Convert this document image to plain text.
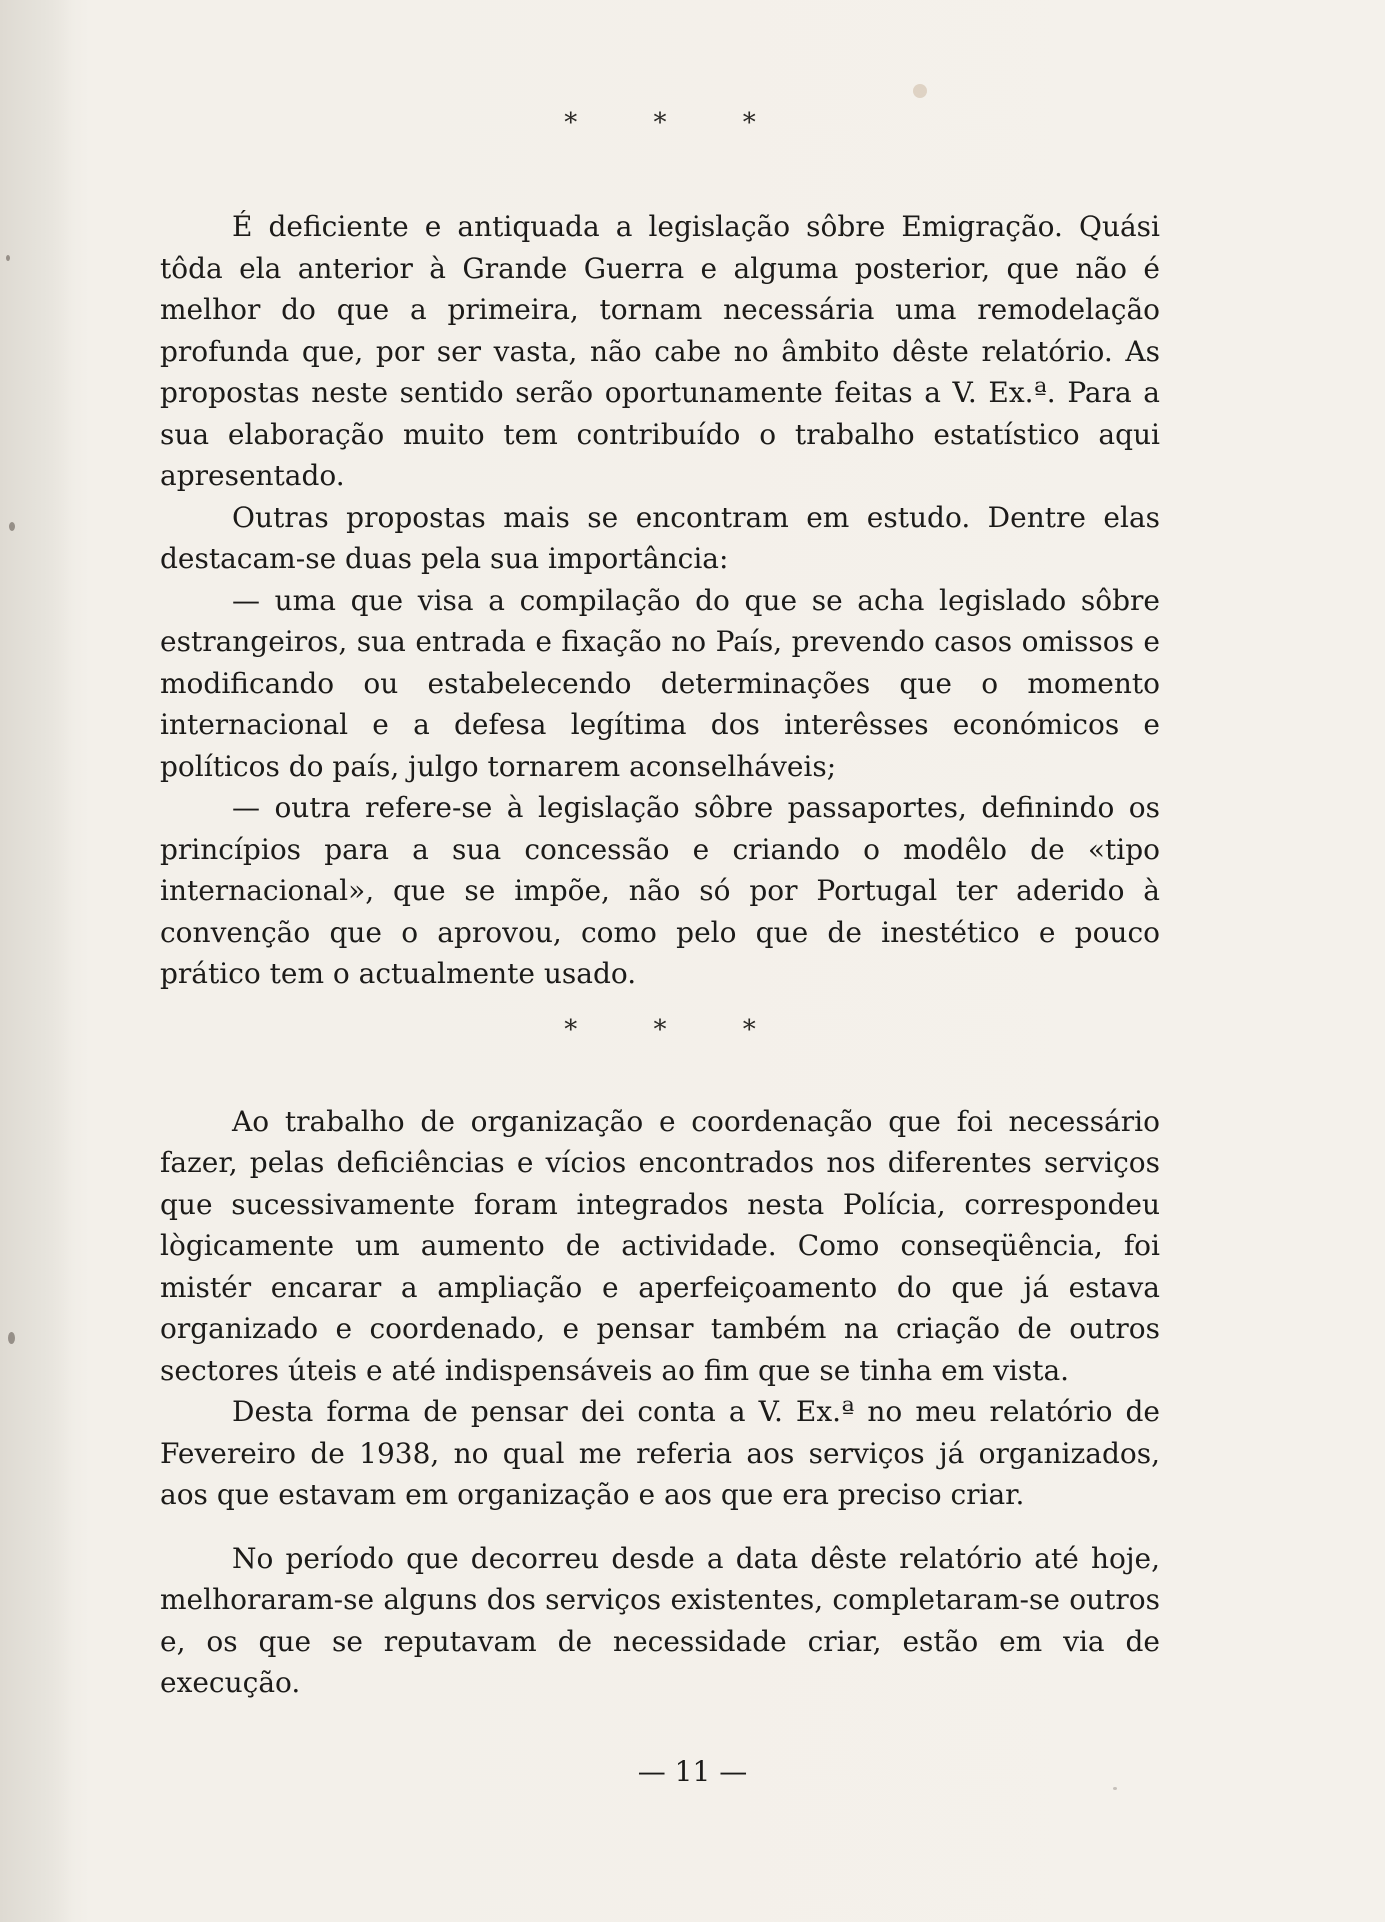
* * *

É deficiente e antiquada a legislação sôbre Emigração. Quási tôda ela anterior à Grande Guerra e alguma posterior, que não é melhor do que a primeira, tornam necessária uma remodelação profunda que, por ser vasta, não cabe no âmbito dêste relatório. As propostas neste sentido serão oportunamente feitas a V. Ex.ª. Para a sua elaboração muito tem contribuído o trabalho estatístico aqui apresentado.

Outras propostas mais se encontram em estudo. Dentre elas destacam-se duas pela sua importância:

— uma que visa a compilação do que se acha legislado sôbre estrangeiros, sua entrada e fixação no País, prevendo casos omissos e modificando ou estabelecendo determinações que o momento internacional e a defesa legítima dos interêsses económicos e políticos do país, julgo tornarem aconselháveis;

— outra refere-se à legislação sôbre passaportes, definindo os princípios para a sua concessão e criando o modêlo de «tipo internacional», que se impõe, não só por Portugal ter aderido à convenção que o aprovou, como pelo que de inestético e pouco prático tem o actualmente usado.

* * *

Ao trabalho de organização e coordenação que foi necessário fazer, pelas deficiências e vícios encontrados nos diferentes serviços que sucessivamente foram integrados nesta Polícia, correspondeu lògicamente um aumento de actividade. Como conseqüência, foi mistér encarar a ampliação e aperfeiçoamento do que já estava organizado e coordenado, e pensar também na criação de outros sectores úteis e até indispensáveis ao fim que se tinha em vista.

Desta forma de pensar dei conta a V. Ex.ª no meu relatório de Fevereiro de 1938, no qual me referia aos serviços já organizados, aos que estavam em organização e aos que era preciso criar.

No período que decorreu desde a data dêste relatório até hoje, melhoraram-se alguns dos serviços existentes, completaram-se outros e, os que se reputavam de necessidade criar, estão em via de execução.

— 11 —
